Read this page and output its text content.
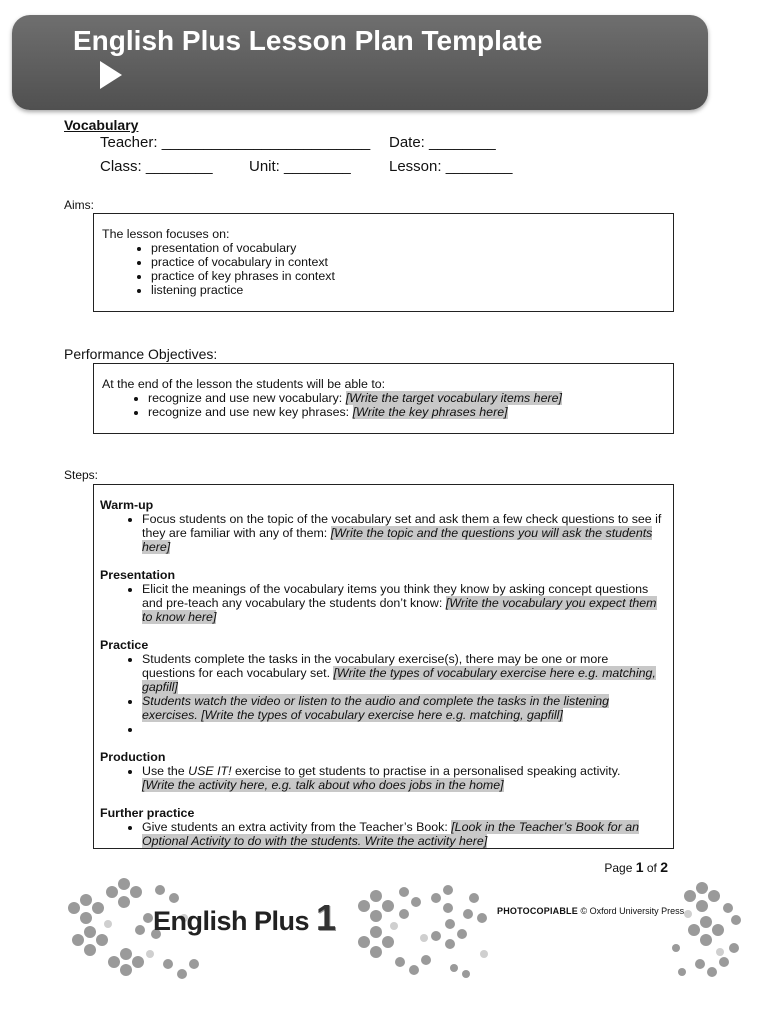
English Plus Lesson Plan Template
Vocabulary
Teacher: _________________________ Date: ________
Class: ________ Unit: ________	Lesson: ________
Aims:
The lesson focuses on:
• presentation of vocabulary
• practice of vocabulary in context
• practice of key phrases in context
• listening practice
Performance Objectives:
At the end of the lesson the students will be able to:
• recognize and use new vocabulary: [Write the target vocabulary items here]
• recognize and use new key phrases: [Write the key phrases here]
Steps:
Warm-up
• Focus students on the topic of the vocabulary set and ask them a few check questions to see if they are familiar with any of them: [Write the topic and the questions you will ask the students here]
Presentation
• Elicit the meanings of the vocabulary items you think they know by asking concept questions and pre-teach any vocabulary the students don’t know: [Write the vocabulary you expect them to know here]
Practice
• Students complete the tasks in the vocabulary exercise(s), there may be one or more questions for each vocabulary set. [Write the types of vocabulary exercise here e.g. matching, gapfill]
• Students watch the video or listen to the audio and complete the tasks in the listening exercises. [Write the types of vocabulary exercise here e.g. matching, gapfill]
•
Production
• Use the USE IT! exercise to get students to practise in a personalised speaking activity.
[Write the activity here, e.g. talk about who does jobs in the home]
Further practice
• Give students an extra activity from the Teacher’s Book: [Look in the Teacher’s Book for an Optional Activity to do with the students. Write the activity here]
Page 1 of 2
English Plus 1	PHOTOCOPIABLE © Oxford University Press
